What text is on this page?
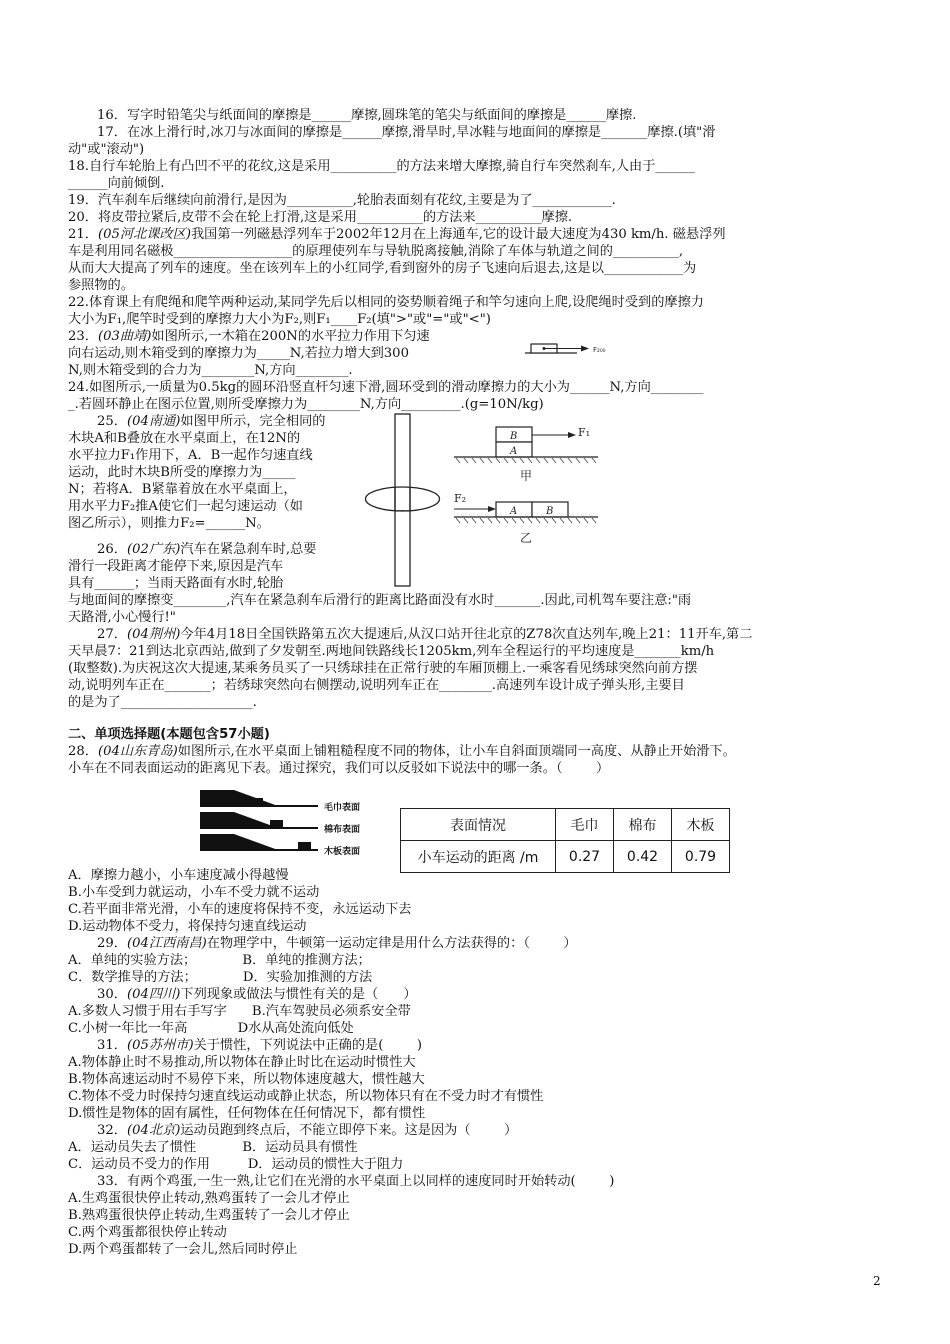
16．写字时铅笔尖与纸面间的摩擦是______摩擦,圆珠笔的笔尖与纸面间的摩擦是______摩擦.
17．在冰上滑行时,冰刀与冰面间的摩擦是______摩擦,滑旱时,旱冰鞋与地面间的摩擦是_______摩擦.(填"滑
动"或"滚动")
18.自行车轮胎上有凸凹不平的花纹,这是采用__________的方法来增大摩擦,骑自行车突然刹车,人由于______
______向前倾倒.
19．汽车刹车后继续向前滑行,是因为__________,轮胎表面刻有花纹,主要是为了____________.
20．将皮带拉紧后,皮带不会在轮上打滑,这是采用__________的方法来__________摩擦.
21．(05河北课改区)我国第一列磁悬浮列车于2002年12月在上海通车,它的设计最大速度为430 km/h. 磁悬浮列
车是利用同名磁极__________________的原理使列车与导轨脱离接触,消除了车体与轨道之间的__________,
从而大大提高了列车的速度。坐在该列车上的小红同学,看到窗外的房子飞速向后退去,这是以____________为
参照物的。
22.体育课上有爬绳和爬竿两种运动,某同学先后以相同的姿势顺着绳子和竿匀速向上爬,设爬绳时受到的摩擦力
大小为F₁,爬竿时受到的摩擦力大小为F₂,则F₁____F₂(填">"或"="或"<")
23．(03曲靖)如图所示,一木箱在200N的水平拉力作用下匀速
向右运动,则木箱受到的摩擦力为_____N,若拉力增大到300
N,则木箱受到的合力为________N,方向________.
F₂₀₀
24.如图所示,一质量为0.5kg的圆环沿竖直杆匀速下滑,圆环受到的滑动摩擦力的大小为______N,方向________
_.若圆环静止在图示位置,则所受摩擦力为________N,方向_________.(g=10N/kg)
25．(04南通)如图甲所示，完全相同的
木块A和B叠放在水平桌面上，在12N的
水平拉力F₁作用下，A．B一起作匀速直线
运动，此时木块B所受的摩擦力为_____
N；若将A．B紧靠着放在水平桌面上，
用水平力F₂推A使它们一起匀速运动（如
图乙所示），则推力F₂=______N。
B
A
F₁
甲
F₂
A	B
乙
26．(02广东)汽车在紧急刹车时,总要
滑行一段距离才能停下来,原因是汽车
具有______；当雨天路面有水时,轮胎
与地面间的摩擦变________,汽车在紧急刹车后滑行的距离比路面没有水时_______.因此,司机驾车要注意:"雨
天路滑,小心慢行!"
27．(04荆州)今年4月18日全国铁路第五次大提速后,从汉口站开往北京的Z78次直达列车,晚上21：11开车,第二
天早晨7：21到达北京西站,做到了夕发朝至.两地间铁路线长1205km,列车全程运行的平均速度是_______km/h
(取整数).为庆祝这次大提速,某乘务员买了一只绣球挂在正常行驶的车厢顶棚上.一乘客看见绣球突然向前方摆
动,说明列车正在_______；若绣球突然向右侧摆动,说明列车正在________.高速列车设计成子弹头形,主要目
的是为了____________________.
二、单项选择题(本题包含57小题)
28．(04山东青岛)如图所示,在水平桌面上铺粗糙程度不同的物体，让小车自斜面顶端同一高度、从静止开始滑下。
小车在不同表面运动的距离见下表。通过探究，我们可以反驳如下说法中的哪一条。（        ）
毛巾表面
棉布表面
木板表面
表面情况	毛巾	棉布	木板
小车运动的距离 /m	0.27	0.42	0.79
A．摩擦力越小，小车速度减小得越慢
B.小车受到力就运动，小车不受力就不运动
C.若平面非常光滑，小车的速度将保持不变，永远运动下去
D.运动物体不受力，将保持匀速直线运动
29．(04江西南昌)在物理学中，牛顿第一运动定律是用什么方法获得的：（        ）
A．单纯的实验方法；           B．单纯的推测方法；
C．数学推导的方法；           D．实验加推测的方法
30．(04四川)下列现象或做法与惯性有关的是（      ）
A.多数人习惯于用右手写字      B.汽车驾驶员必须系安全带
C.小树一年比一年高            D水从高处流向低处
31．(05苏州市)关于惯性，下列说法中正确的是(        )
A.物体静止时不易推动,所以物体在静止时比在运动时惯性大
B.物体高速运动时不易停下来，所以物体速度越大，惯性越大
C.物体不受力时保持匀速直线运动或静止状态，所以物体只有在不受力时才有惯性
D.惯性是物体的固有属性，任何物体在任何情况下，都有惯性
32．(04北京)运动员跑到终点后，不能立即停下来。这是因为（        ）
A．运动员失去了惯性           B．运动员具有惯性
C．运动员不受力的作用         D．运动员的惯性大于阻力
33．有两个鸡蛋,一生一熟,让它们在光滑的水平桌面上以同样的速度同时开始转动(        )
A.生鸡蛋很快停止转动,熟鸡蛋转了一会儿才停止
B.熟鸡蛋很快停止转动,生鸡蛋转了一会儿才停止
C.两个鸡蛋都很快停止转动
D.两个鸡蛋都转了一会儿,然后同时停止
2
